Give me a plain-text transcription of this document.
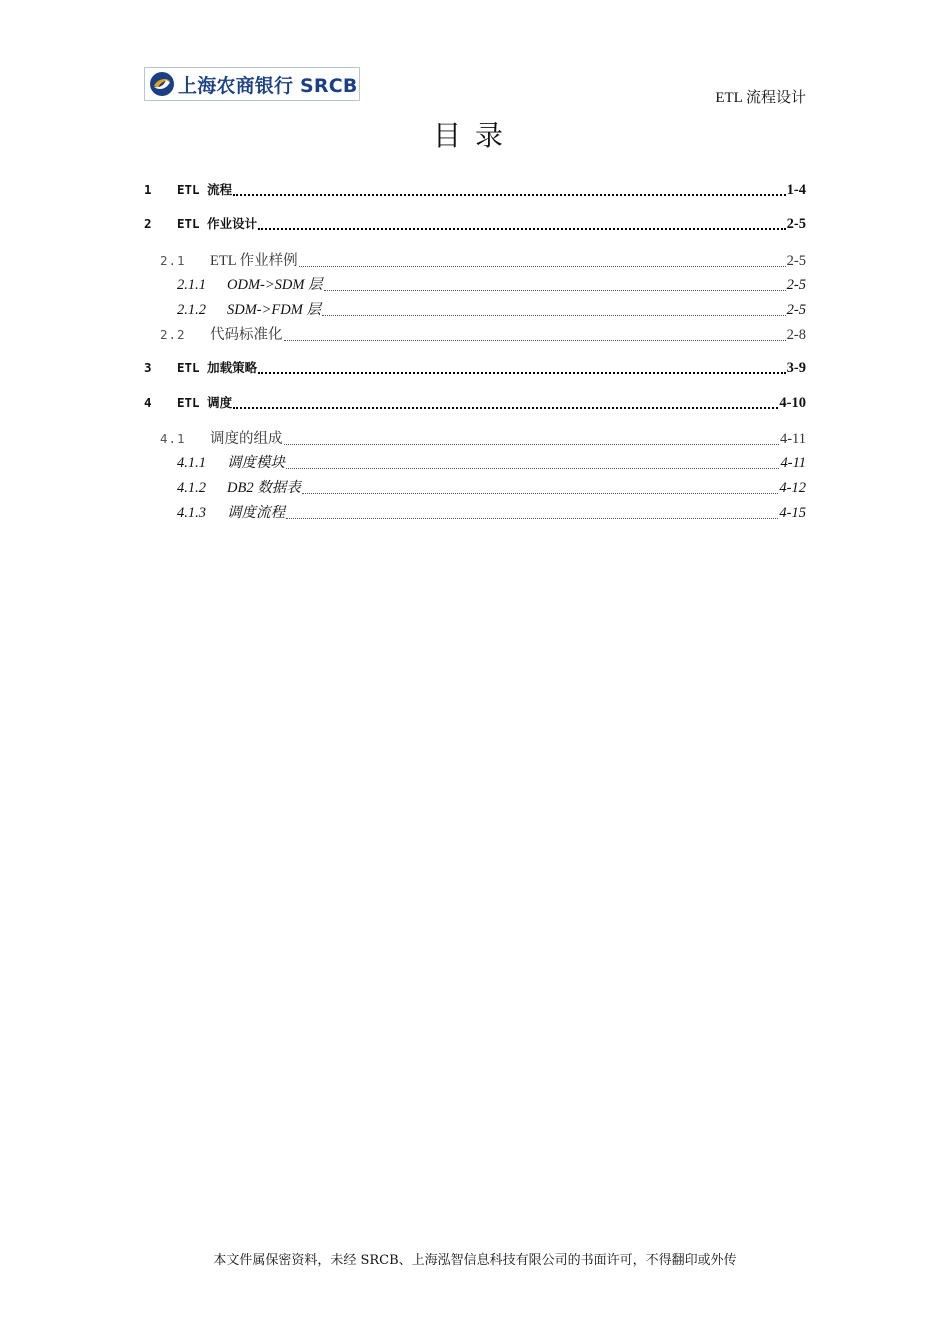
上海农商银行 SRCB
ETL 流程设计
目录
1	ETL 流程	1-4
2	ETL 作业设计	2-5
2.1	ETL 作业样例	2-5
2.1.1	ODM->SDM 层	2-5
2.1.2	SDM->FDM 层	2-5
2.2	代码标准化	2-8
3	ETL 加载策略	3-9
4	ETL 调度	4-10
4.1	调度的组成	4-11
4.1.1	调度模块	4-11
4.1.2	DB2 数据表	4-12
4.1.3	调度流程	4-15
本文件属保密资料，未经 SRCB、上海泓智信息科技有限公司的书面许可，不得翻印或外传
